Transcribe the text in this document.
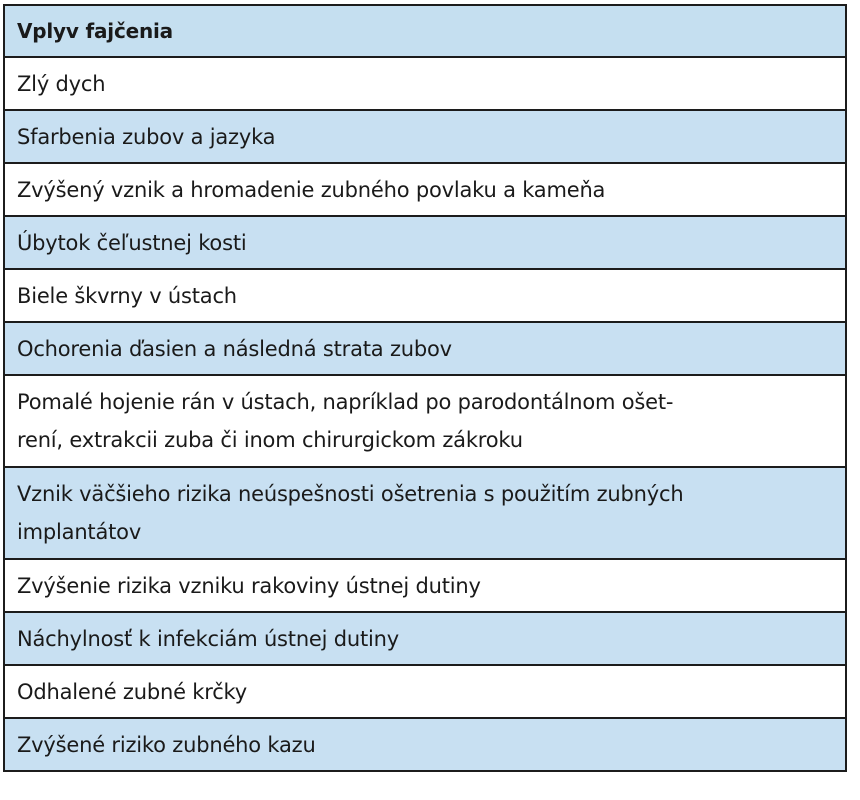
Vplyv fajčenia
Zlý dych
Sfarbenia zubov a jazyka
Zvýšený vznik a hromadenie zubného povlaku a kameňa
Úbytok čeľustnej kosti
Biele škvrny v ústach
Ochorenia ďasien a následná strata zubov
Pomalé hojenie rán v ústach, napríklad po parodontálnom ošet-
rení, extrakcii zuba či inom chirurgickom zákroku
Vznik väčšieho rizika neúspešnosti ošetrenia s použitím zubných
implantátov
Zvýšenie rizika vzniku rakoviny ústnej dutiny
Náchylnosť k infekciám ústnej dutiny
Odhalené zubné krčky
Zvýšené riziko zubného kazu
